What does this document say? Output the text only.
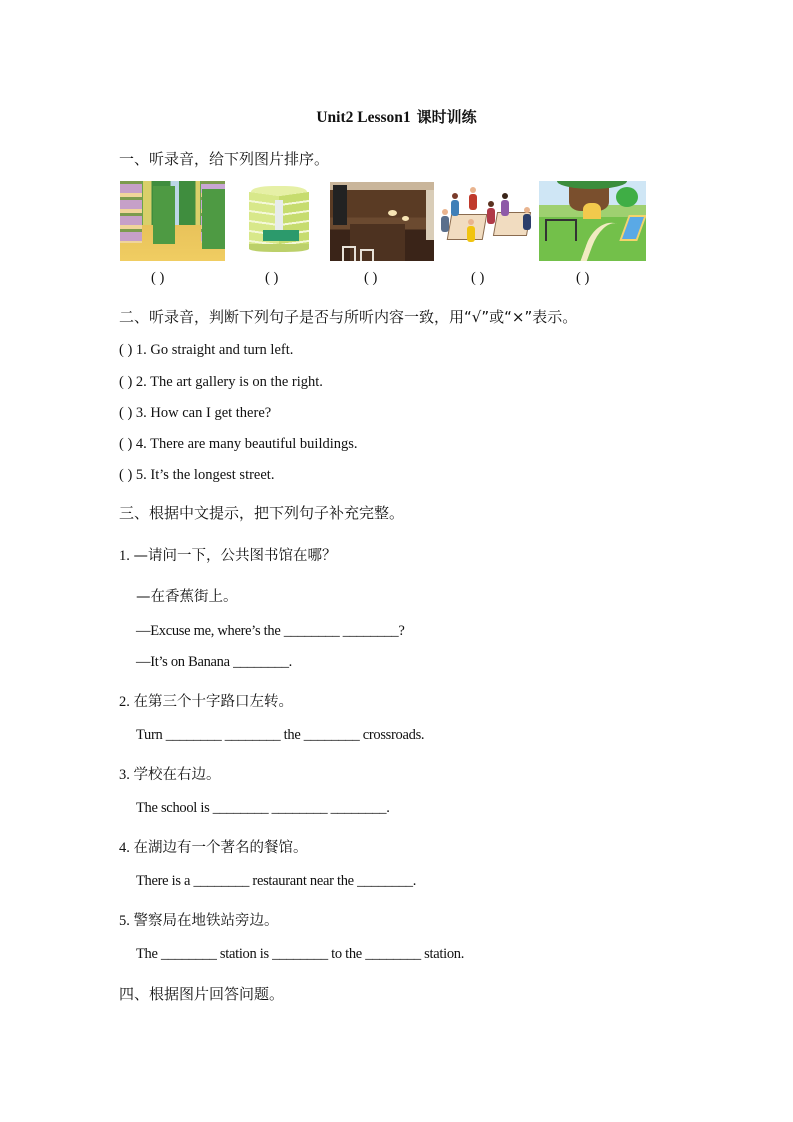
Unit2 Lesson1 课时训练
一、听录音，给下列图片排序。
( )	( )	( )	( )	( )
二、听录音，判断下列句子是否与所听内容一致，用“√”或“×”表示。
( ) 1. Go straight and turn left.
( ) 2. The art gallery is on the right.
( ) 3. How can I get there?
( ) 4. There are many beautiful buildings.
( ) 5. It’s the longest street.
三、根据中文提示，把下列句子补充完整。
1. —请问一下，公共图书馆在哪？
—在香蕉街上。
—Excuse me, where’s the ________ ________?
—It’s on Banana ________.
2. 在第三个十字路口左转。
Turn ________ ________ the ________ crossroads.
3. 学校在右边。
The school is ________ ________ ________.
4. 在湖边有一个著名的餐馆。
There is a ________ restaurant near the ________.
5. 警察局在地铁站旁边。
The ________ station is ________ to the ________ station.
四、根据图片回答问题。
